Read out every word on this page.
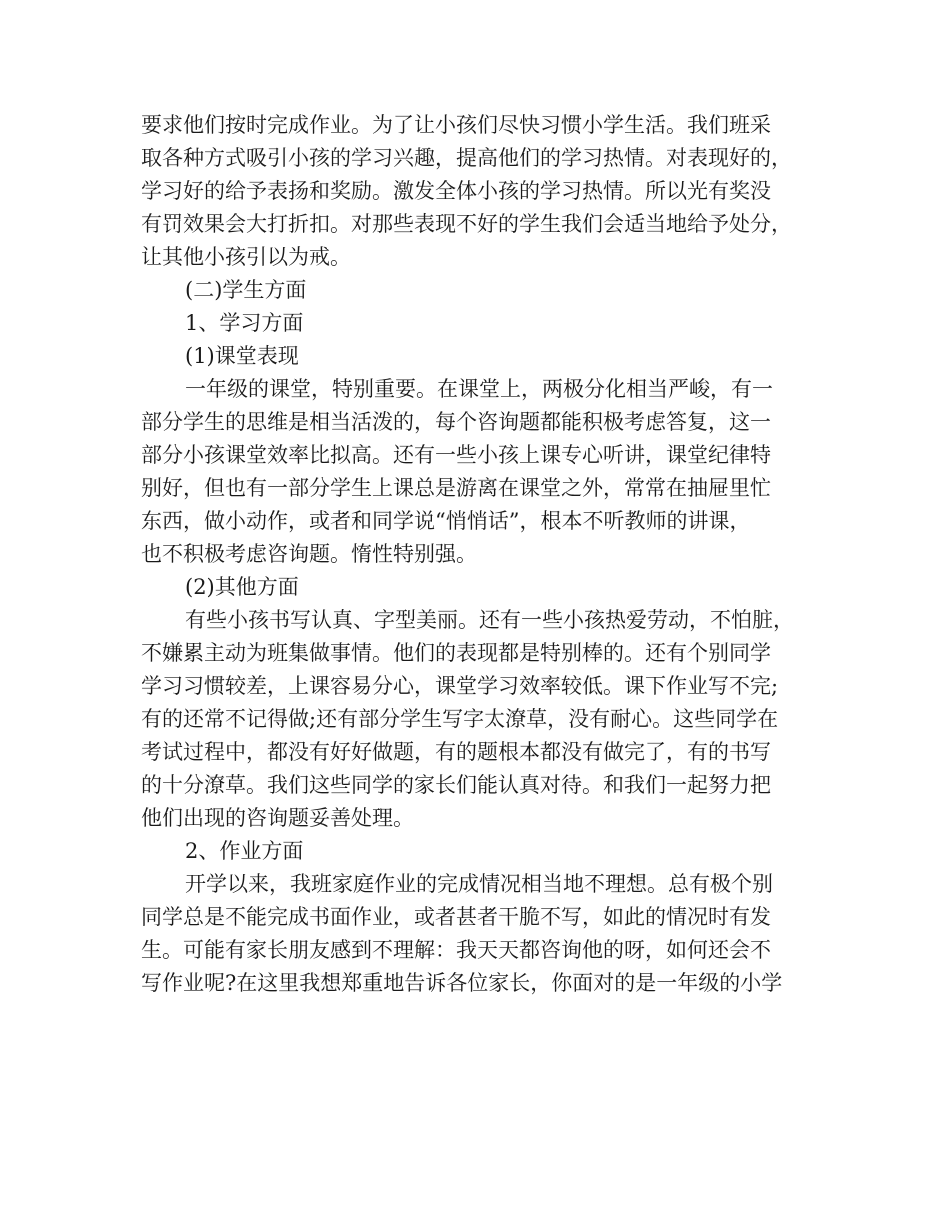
要求他们按时完成作业。为了让小孩们尽快习惯小学生活。我们班采
取各种方式吸引小孩的学习兴趣，提高他们的学习热情。对表现好的，
学习好的给予表扬和奖励。激发全体小孩的学习热情。所以光有奖没
有罚效果会大打折扣。对那些表现不好的学生我们会适当地给予处分，
让其他小孩引以为戒。
(二)学生方面
1、学习方面
(1)课堂表现
一年级的课堂，特别重要。在课堂上，两极分化相当严峻，有一
部分学生的思维是相当活泼的，每个咨询题都能积极考虑答复，这一
部分小孩课堂效率比拟高。还有一些小孩上课专心听讲，课堂纪律特
别好，但也有一部分学生上课总是游离在课堂之外，常常在抽屉里忙
东西，做小动作，或者和同学说“悄悄话”，根本不听教师的讲课，
也不积极考虑咨询题。惰性特别强。
(2)其他方面
有些小孩书写认真、字型美丽。还有一些小孩热爱劳动，不怕脏，
不嫌累主动为班集做事情。他们的表现都是特别棒的。还有个别同学
学习习惯较差，上课容易分心，课堂学习效率较低。课下作业写不完;
有的还常不记得做;还有部分学生写字太潦草，没有耐心。这些同学在
考试过程中，都没有好好做题，有的题根本都没有做完了，有的书写
的十分潦草。我们这些同学的家长们能认真对待。和我们一起努力把
他们出现的咨询题妥善处理。
2、作业方面
开学以来，我班家庭作业的完成情况相当地不理想。总有极个别
同学总是不能完成书面作业，或者甚者干脆不写，如此的情况时有发
生。可能有家长朋友感到不理解：我天天都咨询他的呀，如何还会不
写作业呢?在这里我想郑重地告诉各位家长，你面对的是一年级的小学
